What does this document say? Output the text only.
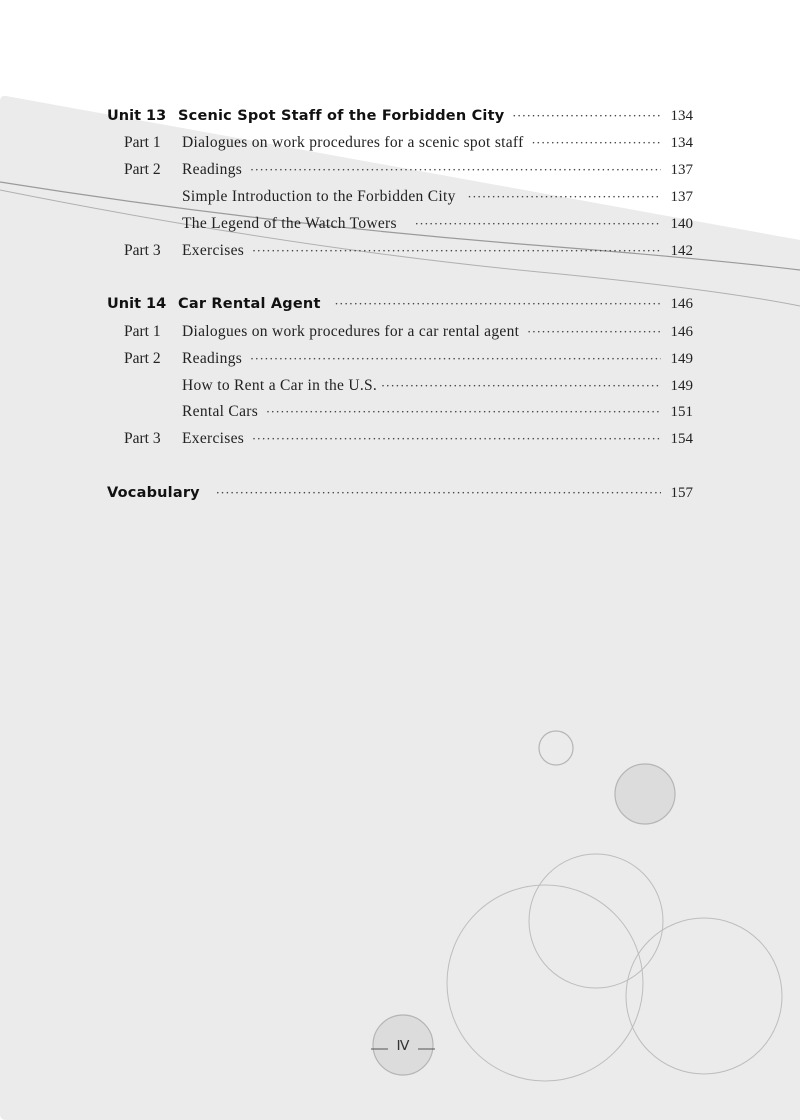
Unit 13 Scenic Spot Staff of the Forbidden City ·····	134
Part 1	Dialogues on work procedures for a scenic spot staff ·····	134
Part 2	Readings ·····	137
Simple Introduction to the Forbidden City ·····	137
The Legend of the Watch Towers ·····	140
Part 3	Exercises ·····	142
Unit 14 Car Rental Agent ·····	146
Part 1	Dialogues on work procedures for a car rental agent ·····	146
Part 2	Readings ·····	149
How to Rent a Car in the U.S. ·····	149
Rental Cars ·····	151
Part 3	Exercises ·····	154
Vocabulary ·····	157
Ⅳ
